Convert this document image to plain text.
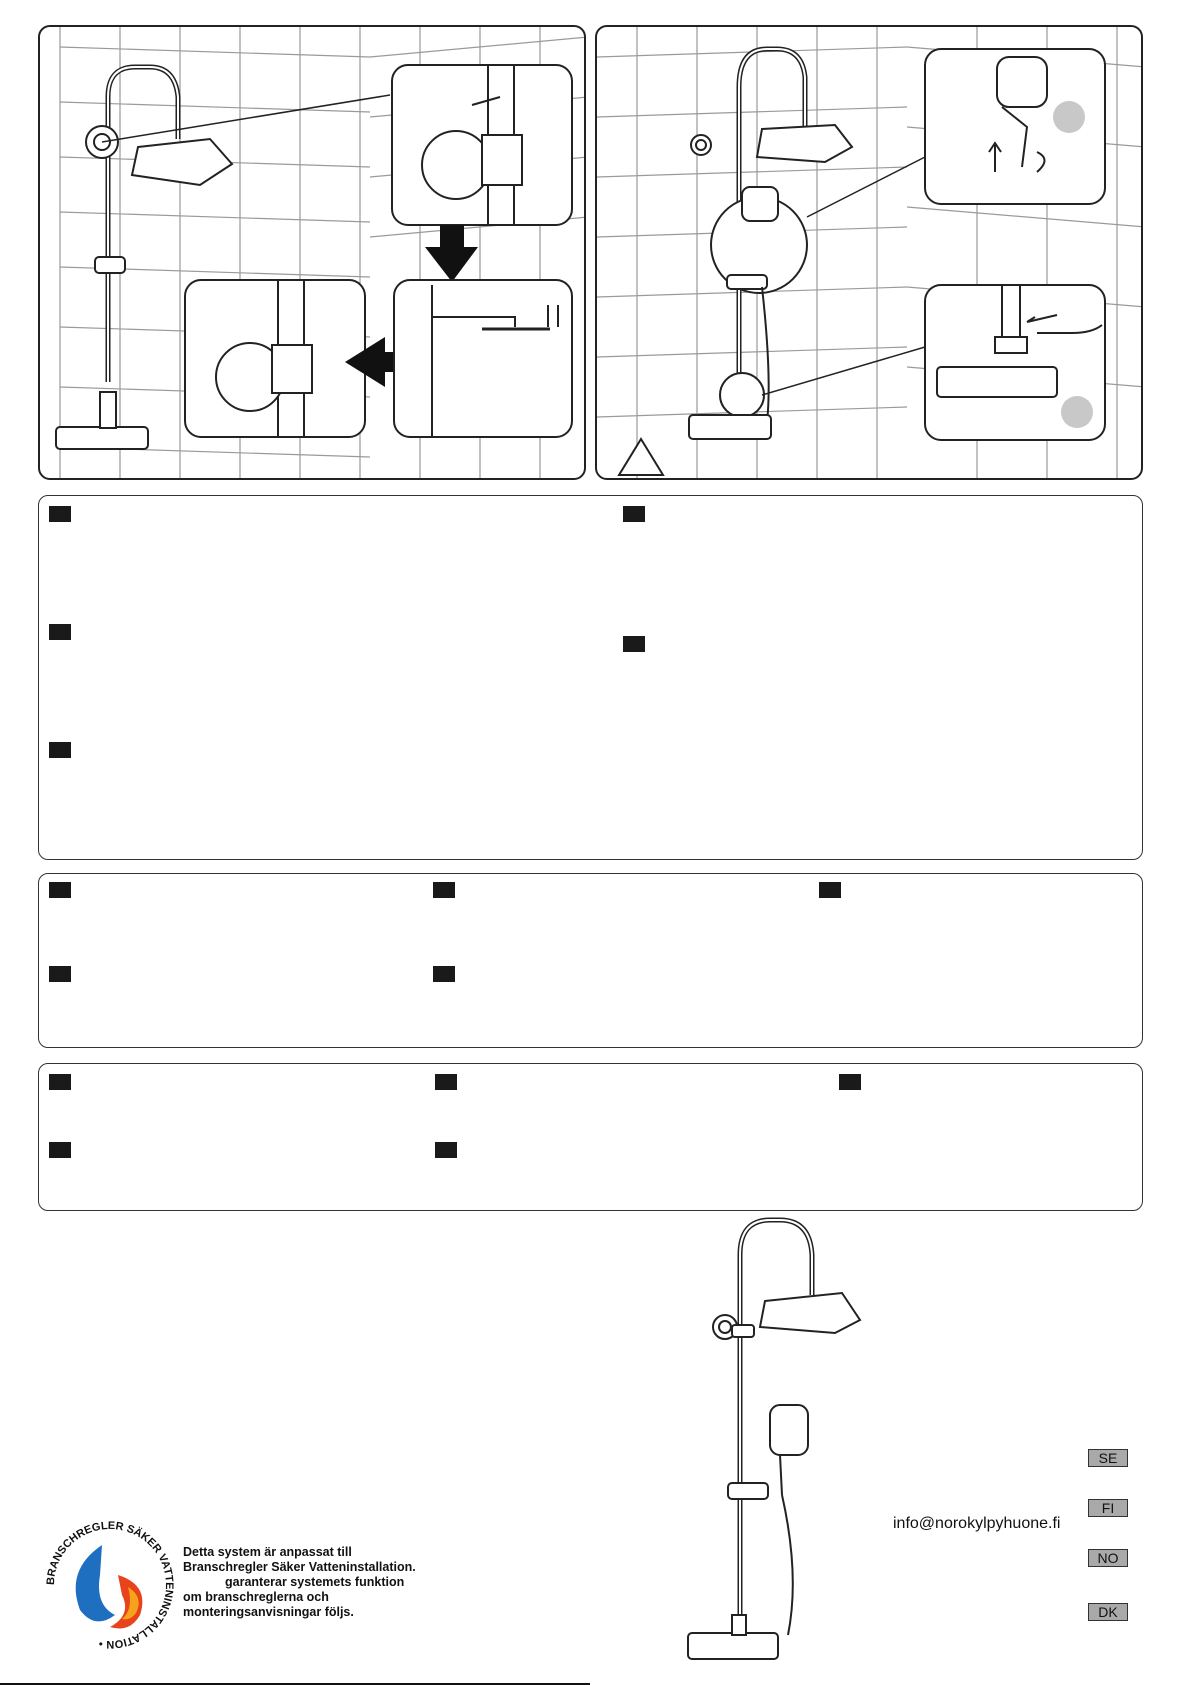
info@norokylpyhuone.fi
SE
FI
NO
DK
BRANSCHREGLER SÄKER VATTENINSTALLATION •
Detta system är anpassat till
Branschregler Säker Vatteninstallation.
garanterar systemets funktion
om branschreglerna och
monteringsanvisningar följs.
